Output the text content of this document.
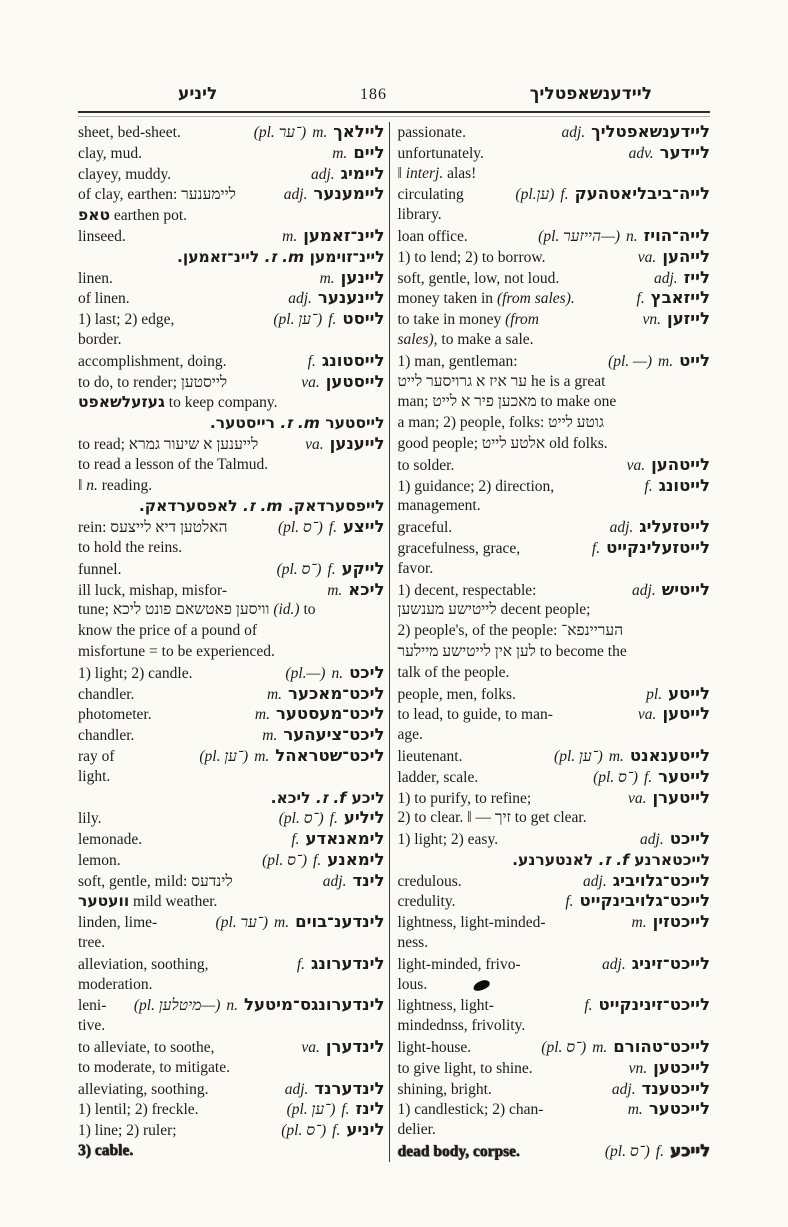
ליניע	186	ליידענשאפטליך
sheet, bed-sheet.	(pl. ־ער) m. ליילאך
clay, mud.	m. ליים
clayey, muddy.	adj. ליימיג
of clay, earthen: ליימענער	adj. ליימענער
טאפ earthen pot.
linseed.	m. ליינ־זאמען
ליינ־זוימען m. ז. ליינ־זאמען.
linen.	m. ליינען
of linen.	adj. ליינענער
1) last; 2) edge,	(pl. ־ען) f. לייסט
border.
accomplishment, doing.	f. לייסטונג
to do, to render; לייסטען	va. לייסטען
געזעלשאפט to keep company.
לייסטער m. ז. רייסטער.
to read; לייענען א שיעור גמרא	va. לייענען
to read a lesson of the Talmud.
‖ n. reading.
לייפסערדאק. m. ז. לאפסערדאק.
rein: האלטען דיא לייצעס	(pl. ־ס) f. לייצע
to hold the reins.
funnel.	(pl. ־ס) f. לייקע
ill luck, mishap, misfor-	m. ליכא
tune; וויסען פאטשאם פונט ליכא (id.) to
know the price of a pound of
misfortune = to be experienced.
1) light; 2) candle.	(pl.—) n. ליכט
chandler.	m. ליכט־מאכער
photometer.	m. ליכט־מעסטער
chandler.	m. ליכט־ציעהער
ray of	(pl. ־ען) m. ליכט־שטראהל
light.
ליכע f. ז. ליכא.
lily.	(pl. ־ס) f. ליליע
lemonade.	f. לימאנאדע
lemon.	(pl. ־ס) f. לימאנע
soft, gentle, mild: לינדעס	adj. לינד
וועטער mild weather.
linden, lime-	(pl. ־ער) m. לינדענ־בוים
tree.
alleviation, soothing,	f. לינדערונג
moderation.
leni-	(pl. מיטלען—) n. לינדערונגס־מיטעל
tive.
to alleviate, to soothe,	va. לינדערן
to moderate, to mitigate.
alleviating, soothing.	adj. לינדערנד
1) lentil; 2) freckle.	(pl. ־ען) f. לינז
1) line; 2) ruler;	(pl. ־ס) f. ליניע
3) cable.
passionate.	adj. ליידענשאפטליך
unfortunately.	adv. ליידער
‖ interj. alas!
circulating	(pl.ען) f. לייה־ביבליאטהעק
library.
loan office.	(pl. הייזער—) n. לייה־הויז
1) to lend; 2) to borrow.	va. לייהען
soft, gentle, low, not loud.	adj. לייז
money taken in (from sales).	f. לייזאבץ
to take in money (from	vn. לייזען
sales), to make a sale.
1) man, gentleman:	(pl. —) m. לייט
ער איז א גרויסער לייט he is a great
man; מאכען פיר א לייט to make one
a man; 2) people, folks: גוטע לייט
good people; אלטע לייט old folks.
to solder.	va. לייטהען
1) guidance; 2) direction,	f. לייטונג
management.
graceful.	adj. לייטזעליג
gracefulness, grace,	f. לייטזעלינקייט
favor.
1) decent, respectable:	adj. לייטיש
לייטישע מענשען decent people;
2) people's, of the people: העריינפא־
לען אין לייטישע מיילער to become the
talk of the people.
people, men, folks.	pl. לייטע
to lead, to guide, to man-	va. לייטען
age.
lieutenant.	(pl. ־ען) m. לייטענאנט
ladder, scale.	(pl. ־ס) f. לייטער
1) to purify, to refine;	va. לייטערן
2) to clear. ‖ — זיך to get clear.
1) light; 2) easy.	adj. לייכט
לייכטארנע f. ז. לאנטערנע.
credulous.	adj. לייכט־גלויביג
credulity.	f. לייכט־גלויבינקייט
lightness, light-minded-	m. לייכטזין
ness.
light-minded, frivo-	adj. לייכט־זיניג
lous.
lightness, light-	f. לייכט־זינינקייט
mindednss, frivolity.
light-house.	(pl. ־ס) m. לייכט־טהורם
to give light, to shine.	vn. לייכטען
shining, bright.	adj. לייכטענד
1) candlestick; 2) chan-	m. לייכטער
delier.
dead body, corpse.	(pl. ־ס) f. לייכע
